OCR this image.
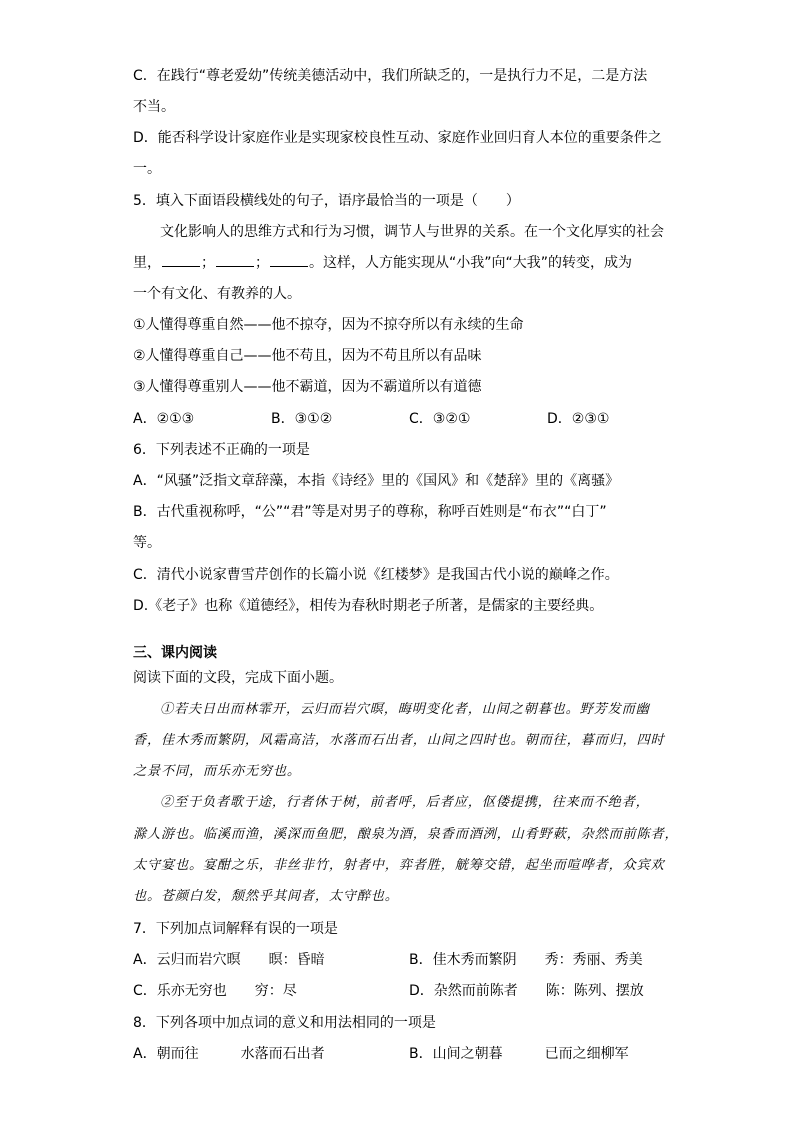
C．在践行“尊老爱幼”传统美德活动中，我们所缺乏的，一是执行力不足，二是方法
不当。
D．能否科学设计家庭作业是实现家校良性互动、家庭作业回归育人本位的重要条件之
一。
5．填入下面语段横线处的句子，语序最恰当的一项是（　　）
文化影响人的思维方式和行为习惯，调节人与世界的关系。在一个文化厚实的社会
里，	；	；	。这样，人方能实现从“小我”向“大我”的转变，成为
一个有文化、有教养的人。
①人懂得尊重自然——他不掠夺，因为不掠夺所以有永续的生命
②人懂得尊重自己——他不苟且，因为不苟且所以有品味
③人懂得尊重别人——他不霸道，因为不霸道所以有道德
A．②①③	B．③①②	C．③②①	D．②③①
6．下列表述不正确的一项是
A．“风骚”泛指文章辞藻，本指《诗经》里的《国风》和《楚辞》里的《离骚》
B．古代重视称呼，“公”“君”等是对男子的尊称，称呼百姓则是“布衣”“白丁”
等。
C．清代小说家曹雪芹创作的长篇小说《红楼梦》是我国古代小说的巅峰之作。
D.《老子》也称《道德经》，相传为春秋时期老子所著，是儒家的主要经典。
三、课内阅读
阅读下面的文段，完成下面小题。
①若夫日出而林霏开，云归而岩穴暝，晦明变化者，山间之朝暮也。野芳发而幽
香，佳木秀而繁阴，风霜高洁，水落而石出者，山间之四时也。朝而往，暮而归，四时
之景不同，而乐亦无穷也。
②至于负者歌于途，行者休于树，前者呼，后者应，伛偻提携，往来而不绝者，
滁人游也。临溪而渔，溪深而鱼肥，酿泉为酒，泉香而酒洌，山肴野蔌，杂然而前陈者，
太守宴也。宴酣之乐，非丝非竹，射者中，弈者胜，觥筹交错，起坐而喧哗者，众宾欢
也。苍颜白发，颓然乎其间者，太守醉也。
7．下列加点词解释有误的一项是
A．云归而岩穴暝　　暝：昏暗	B．佳木秀而繁阴　　秀：秀丽、秀美
C．乐亦无穷也　　穷：尽	D．杂然而前陈者　　陈：陈列、摆放
8．下列各项中加点词的意义和用法相同的一项是
A．朝而往　　　水落而石出者	B．山间之朝暮　　　已而之细柳军
